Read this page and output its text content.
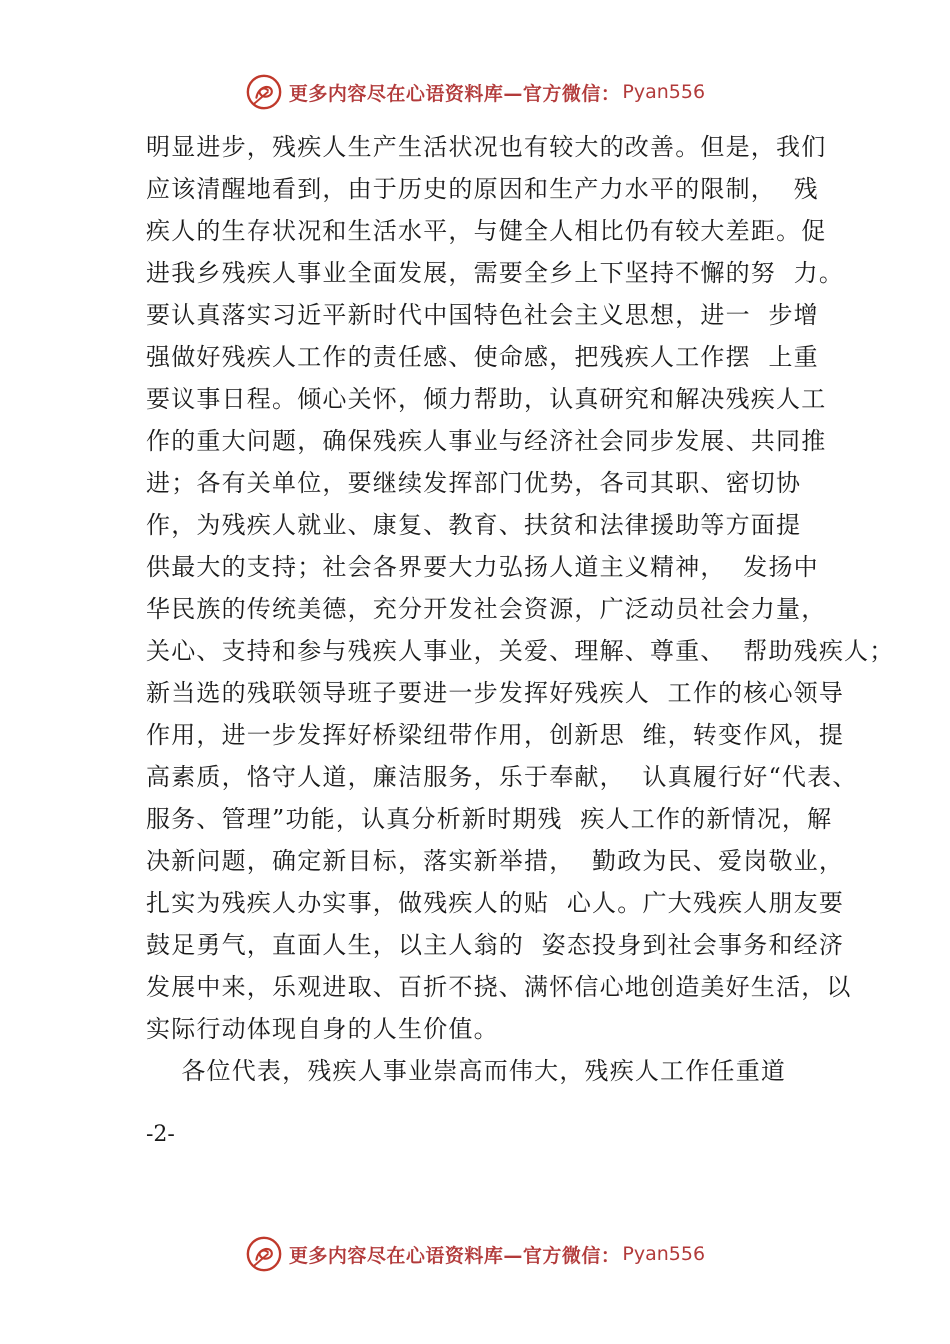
更多内容尽在心语资料库—官方微信： Pyan556
明显进步，残疾人生产生活状况也有较大的改善。但是，我们
应该清醒地看到，由于历史的原因和生产力水平的限制，  残
疾人的生存状况和生活水平，与健全人相比仍有较大差距。促
进我乡残疾人事业全面发展，需要全乡上下坚持不懈的努  力。
要认真落实习近平新时代中国特色社会主义思想，进一  步增
强做好残疾人工作的责任感、使命感，把残疾人工作摆  上重
要议事日程。倾心关怀，倾力帮助，认真研究和解决残疾人工
作的重大问题，确保残疾人事业与经济社会同步发展、共同推
进；各有关单位，要继续发挥部门优势，各司其职、密切协
作，为残疾人就业、康复、教育、扶贫和法律援助等方面提
供最大的支持；社会各界要大力弘扬人道主义精神，  发扬中
华民族的传统美德，充分开发社会资源，广泛动员社会力量，
关心、支持和参与残疾人事业，关爱、理解、尊重、  帮助残疾人；
新当选的残联领导班子要进一步发挥好残疾人  工作的核心领导
作用，进一步发挥好桥梁纽带作用，创新思  维，转变作风，提
高素质，恪守人道，廉洁服务，乐于奉献，  认真履行好“代表、
服务、管理”功能，认真分析新时期残  疾人工作的新情况，解
决新问题，确定新目标，落实新举措，  勤政为民、爱岗敬业，
扎实为残疾人办实事，做残疾人的贴  心人。广大残疾人朋友要
鼓足勇气，直面人生，以主人翁的  姿态投身到社会事务和经济
发展中来，乐观进取、百折不挠、满怀信心地创造美好生活，以
实际行动体现自身的人生价值。
各位代表，残疾人事业崇高而伟大，残疾人工作任重道
-2-
更多内容尽在心语资料库—官方微信： Pyan556
